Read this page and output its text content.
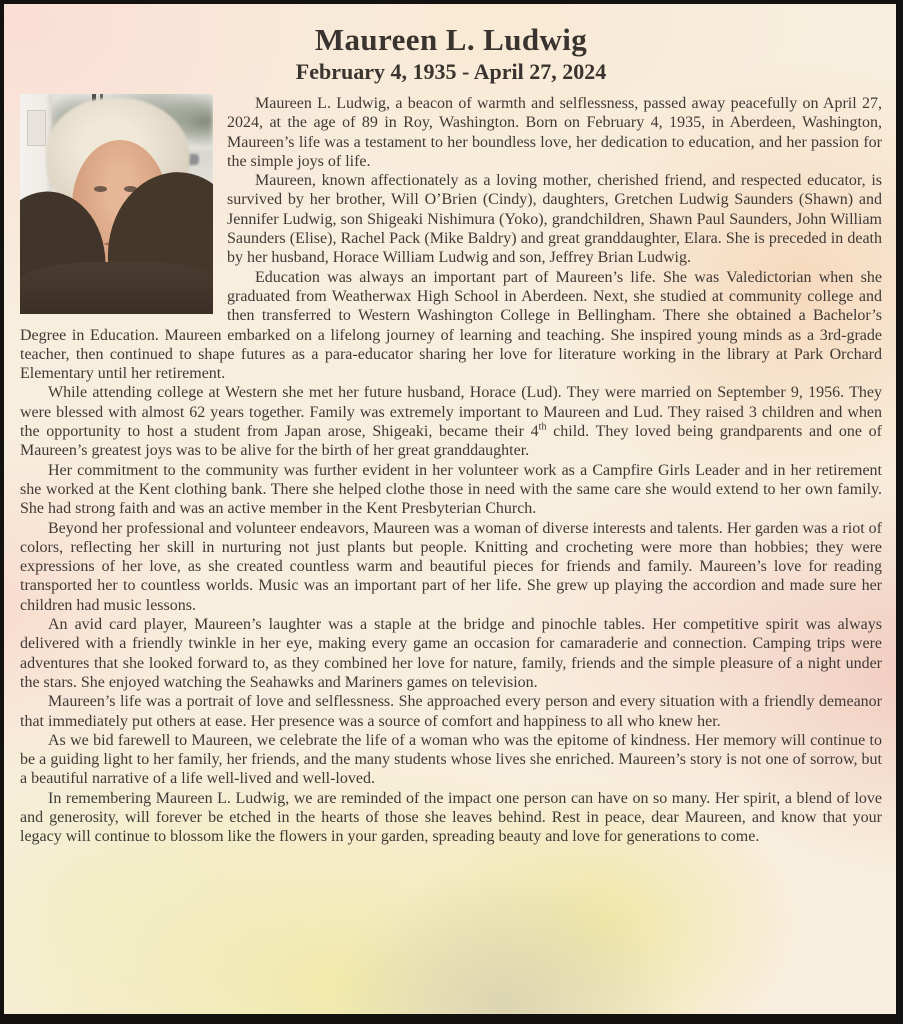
Maureen L. Ludwig
February 4, 1935 - April 27, 2024

Maureen L. Ludwig, a beacon of warmth and selflessness, passed away peacefully on April 27, 2024, at the age of 89 in Roy, Washington. Born on February 4, 1935, in Aberdeen, Washington, Maureen’s life was a testament to her boundless love, her dedication to education, and her passion for the simple joys of life.

Maureen, known affectionately as a loving mother, cherished friend, and respected educator, is survived by her brother, Will O’Brien (Cindy), daughters, Gretchen Ludwig Saunders (Shawn) and Jennifer Ludwig, son Shigeaki Nishimura (Yoko), grandchildren, Shawn Paul Saunders, John William Saunders (Elise), Rachel Pack (Mike Baldry) and great granddaughter, Elara. She is preceded in death by her husband, Horace William Ludwig and son, Jeffrey Brian Ludwig.

Education was always an important part of Maureen’s life. She was Valedictorian when she graduated from Weatherwax High School in Aberdeen. Next, she studied at community college and then transferred to Western Washington College in Bellingham. There she obtained a Bachelor’s Degree in Education. Maureen embarked on a lifelong journey of learning and teaching. She inspired young minds as a 3rd-grade teacher, then continued to shape futures as a para-educator sharing her love for literature working in the library at Park Orchard Elementary until her retirement.

While attending college at Western she met her future husband, Horace (Lud). They were married on September 9, 1956. They were blessed with almost 62 years together. Family was extremely important to Maureen and Lud. They raised 3 children and when the opportunity to host a student from Japan arose, Shigeaki, became their 4th child. They loved being grandparents and one of Maureen’s greatest joys was to be alive for the birth of her great granddaughter.

Her commitment to the community was further evident in her volunteer work as a Campfire Girls Leader and in her retirement she worked at the Kent clothing bank. There she helped clothe those in need with the same care she would extend to her own family. She had strong faith and was an active member in the Kent Presbyterian Church.

Beyond her professional and volunteer endeavors, Maureen was a woman of diverse interests and talents. Her garden was a riot of colors, reflecting her skill in nurturing not just plants but people. Knitting and crocheting were more than hobbies; they were expressions of her love, as she created countless warm and beautiful pieces for friends and family. Maureen’s love for reading transported her to countless worlds. Music was an important part of her life. She grew up playing the accordion and made sure her children had music lessons.

An avid card player, Maureen’s laughter was a staple at the bridge and pinochle tables. Her competitive spirit was always delivered with a friendly twinkle in her eye, making every game an occasion for camaraderie and connection. Camping trips were adventures that she looked forward to, as they combined her love for nature, family, friends and the simple pleasure of a night under the stars. She enjoyed watching the Seahawks and Mariners games on television.

Maureen’s life was a portrait of love and selflessness. She approached every person and every situation with a friendly demeanor that immediately put others at ease. Her presence was a source of comfort and happiness to all who knew her.

As we bid farewell to Maureen, we celebrate the life of a woman who was the epitome of kindness. Her memory will continue to be a guiding light to her family, her friends, and the many students whose lives she enriched. Maureen’s story is not one of sorrow, but a beautiful narrative of a life well-lived and well-loved.

In remembering Maureen L. Ludwig, we are reminded of the impact one person can have on so many. Her spirit, a blend of love and generosity, will forever be etched in the hearts of those she leaves behind. Rest in peace, dear Maureen, and know that your legacy will continue to blossom like the flowers in your garden, spreading beauty and love for generations to come.
